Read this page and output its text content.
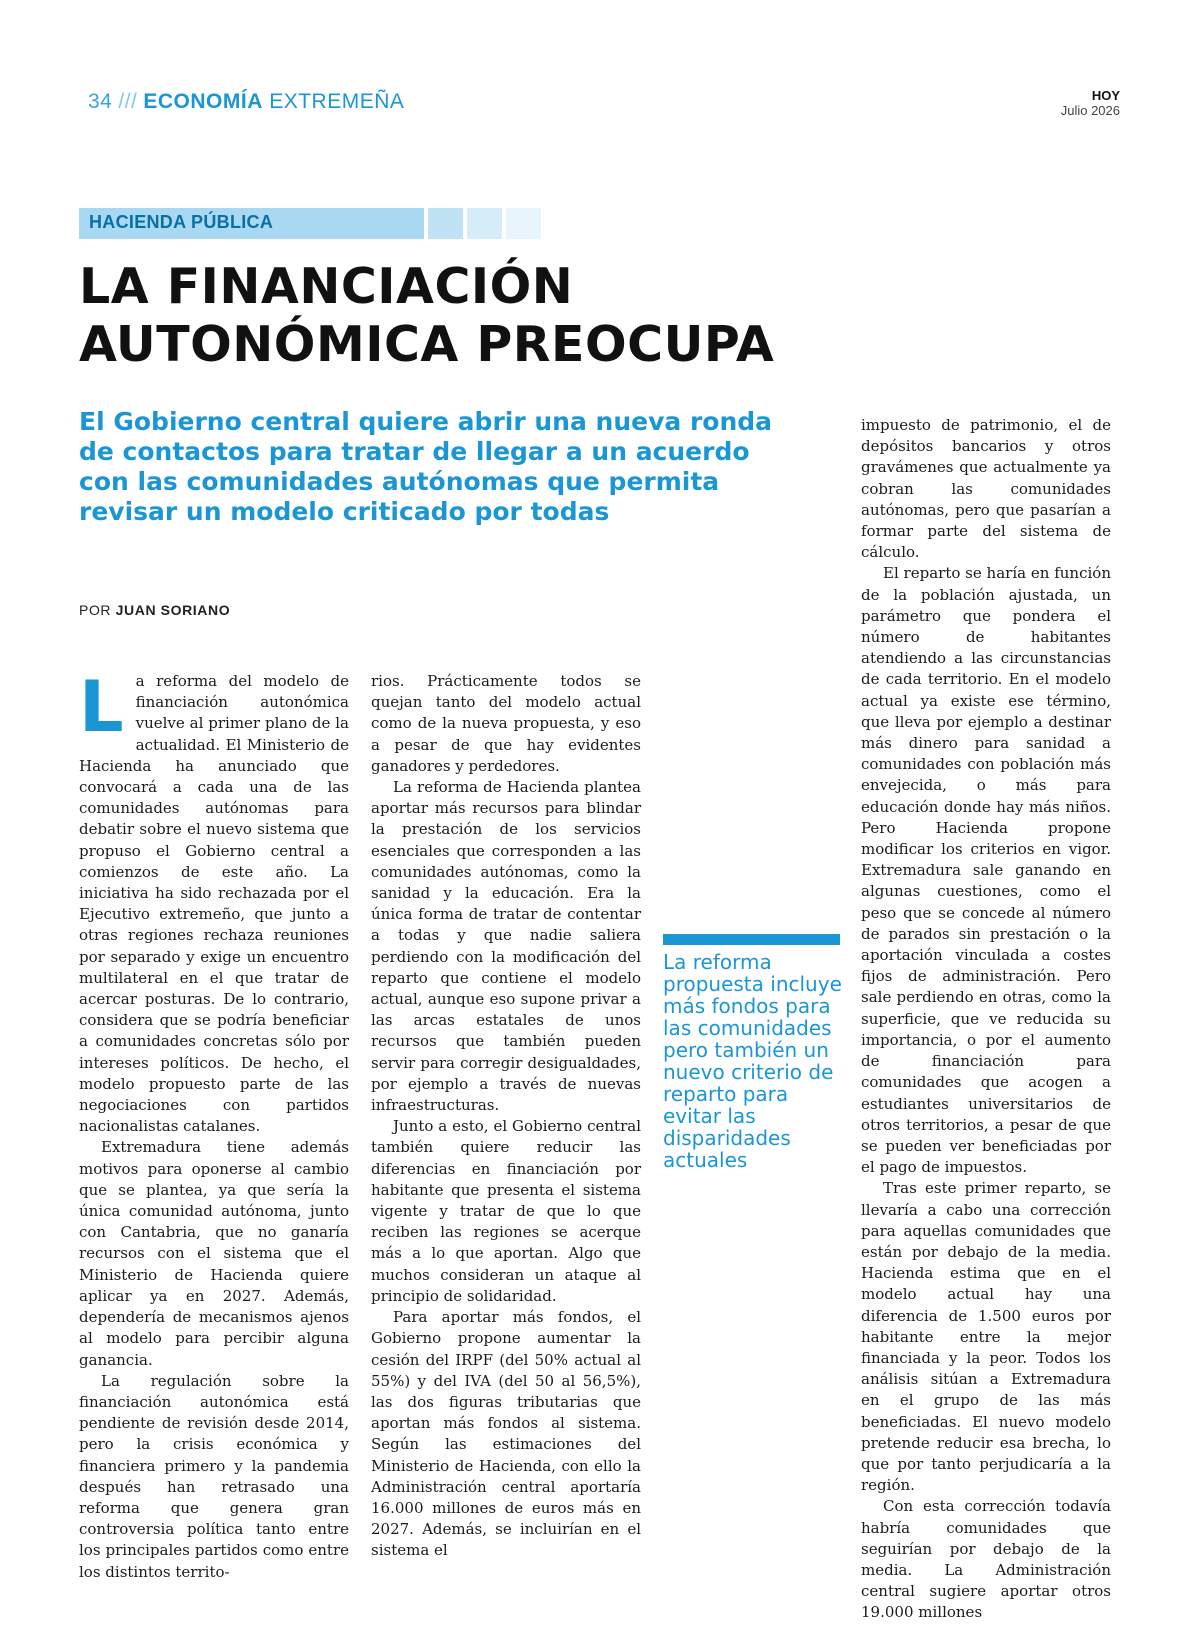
34 /// ECONOMÍA EXTREMEÑA	HOY
Julio 2026
HACIENDA PÚBLICA
LA FINANCIACIÓN
AUTONÓMICA PREOCUPA

El Gobierno central quiere abrir una nueva ronda de contactos para tratar de llegar a un acuerdo con las comunidades autónomas que permita revisar un modelo criticado por todas

POR JUAN SORIANO
L a reforma del modelo de financiación autonómica vuelve al primer plano de la actualidad. El Ministerio de Hacienda ha anunciado que convocará a cada una de las comunidades autónomas para debatir sobre el nuevo sistema que propuso el Gobierno central a comienzos de este año. La iniciativa ha sido rechazada por el Ejecutivo extremeño, que junto a otras regiones rechaza reuniones por separado y exige un encuentro multilateral en el que tratar de acercar posturas. De lo contrario, considera que se podría beneficiar a comunidades concretas sólo por intereses políticos. De hecho, el modelo propuesto parte de las negociaciones con partidos nacionalistas catalanes.

Extremadura tiene además motivos para oponerse al cambio que se plantea, ya que sería la única comunidad autónoma, junto con Cantabria, que no ganaría recursos con el sistema que el Ministerio de Hacienda quiere aplicar ya en 2027. Además, dependería de mecanismos ajenos al modelo para percibir alguna ganancia.

La regulación sobre la financiación autonómica está pendiente de revisión desde 2014, pero la crisis económica y financiera primero y la pandemia después han retrasado una reforma que genera gran controversia política tanto entre los principales partidos como entre los distintos territo-

rios. Prácticamente todos se quejan tanto del modelo actual como de la nueva propuesta, y eso a pesar de que hay evidentes ganadores y perdedores.

La reforma de Hacienda plantea aportar más recursos para blindar la prestación de los servicios esenciales que corresponden a las comunidades autónomas, como la sanidad y la educación. Era la única forma de tratar de contentar a todas y que nadie saliera perdiendo con la modificación del reparto que contiene el modelo actual, aunque eso supone privar a las arcas estatales de unos recursos que también pueden servir para corregir desigualdades, por ejemplo a través de nuevas infraestructuras.

Junto a esto, el Gobierno central también quiere reducir las diferencias en financiación por habitante que presenta el sistema vigente y tratar de que lo que reciben las regiones se acerque más a lo que aportan. Algo que muchos consideran un ataque al principio de solidaridad.

Para aportar más fondos, el Gobierno propone aumentar la cesión del IRPF (del 50% actual al 55%) y del IVA (del 50 al 56,5%), las dos figuras tributarias que aportan más fondos al sistema. Según las estimaciones del Ministerio de Hacienda, con ello la Administración central aportaría 16.000 millones de euros más en 2027. Además, se incluirían en el sistema el

La reforma propuesta incluye más fondos para las comunidades pero también un nuevo criterio de reparto para evitar las disparidades actuales

impuesto de patrimonio, el de depósitos bancarios y otros gravámenes que actualmente ya cobran las comunidades autónomas, pero que pasarían a formar parte del sistema de cálculo.

El reparto se haría en función de la población ajustada, un parámetro que pondera el número de habitantes atendiendo a las circunstancias de cada territorio. En el modelo actual ya existe ese término, que lleva por ejemplo a destinar más dinero para sanidad a comunidades con población más envejecida, o más para educación donde hay más niños. Pero Hacienda propone modificar los criterios en vigor. Extremadura sale ganando en algunas cuestiones, como el peso que se concede al número de parados sin prestación o la aportación vinculada a costes fijos de administración. Pero sale perdiendo en otras, como la superficie, que ve reducida su importancia, o por el aumento de financiación para comunidades que acogen a estudiantes universitarios de otros territorios, a pesar de que se pueden ver beneficiadas por el pago de impuestos.

Tras este primer reparto, se llevaría a cabo una corrección para aquellas comunidades que están por debajo de la media. Hacienda estima que en el modelo actual hay una diferencia de 1.500 euros por habitante entre la mejor financiada y la peor. Todos los análisis sitúan a Extremadura en el grupo de las más beneficiadas. El nuevo modelo pretende reducir esa brecha, lo que por tanto perjudicaría a la región.

Con esta corrección todavía habría comunidades que seguirían por debajo de la media. La Administración central sugiere aportar otros 19.000 millones
